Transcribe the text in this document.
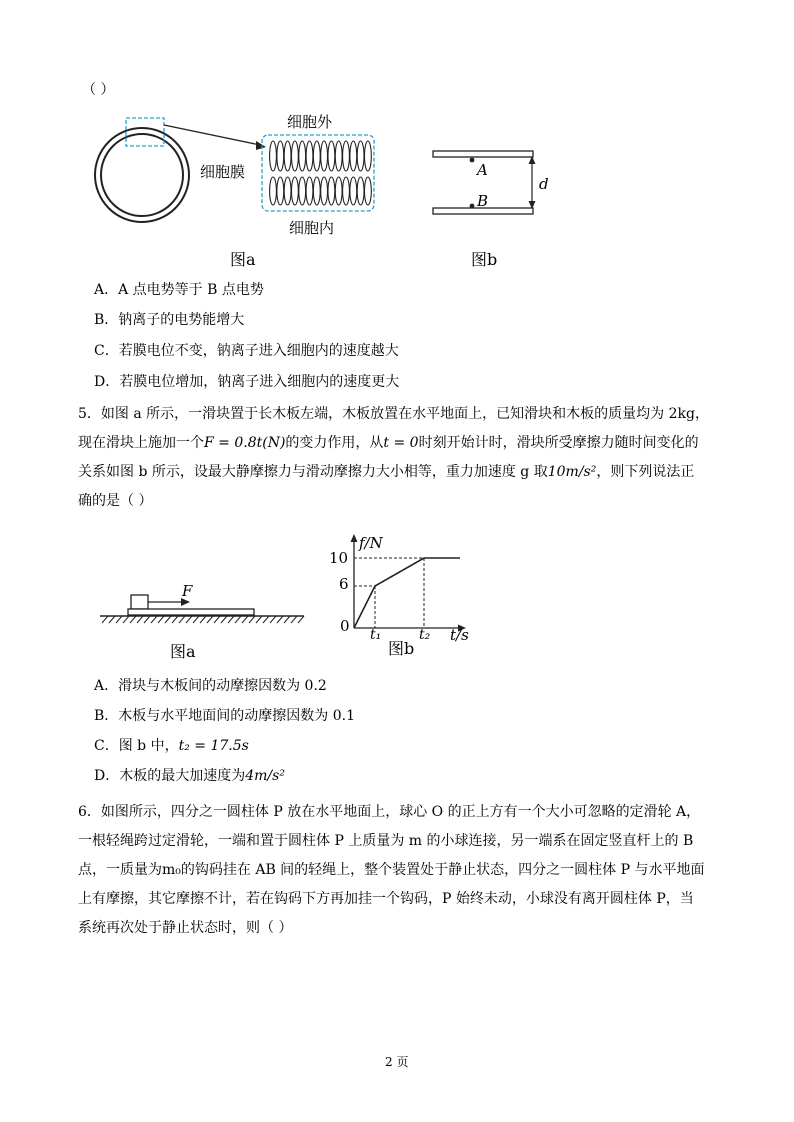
（ ）
细胞外
细胞膜
细胞内
图a
A
B
d
图b
A．A 点电势等于 B 点电势
B．钠离子的电势能增大
C．若膜电位不变，钠离子进入细胞内的速度越大
D．若膜电位增加，钠离子进入细胞内的速度更大
5．如图 a 所示，一滑块置于长木板左端，木板放置在水平地面上，已知滑块和木板的质量均为 2kg，
现在滑块上施加一个F = 0.8t(N)的变力作用，从t = 0时刻开始计时，滑块所受摩擦力随时间变化的
关系如图 b 所示，设最大静摩擦力与滑动摩擦力大小相等，重力加速度 g 取10m/s²，则下列说法正
确的是（ ）
F
图a
f/N
t/s
0
10
6
t₁	t₂
图b
A．滑块与木板间的动摩擦因数为 0.2
B．木板与水平地面间的动摩擦因数为 0.1
C．图 b 中，t₂ = 17.5s
D．木板的最大加速度为4m/s²
6．如图所示，四分之一圆柱体 P 放在水平地面上，球心 O 的正上方有一个大小可忽略的定滑轮 A，
一根轻绳跨过定滑轮，一端和置于圆柱体 P 上质量为 m 的小球连接，另一端系在固定竖直杆上的 B
点，一质量为m₀的钩码挂在 AB 间的轻绳上，整个装置处于静止状态，四分之一圆柱体 P 与水平地面
上有摩擦，其它摩擦不计，若在钩码下方再加挂一个钩码，P 始终未动，小球没有离开圆柱体 P，当
系统再次处于静止状态时，则（ ）
2 页
